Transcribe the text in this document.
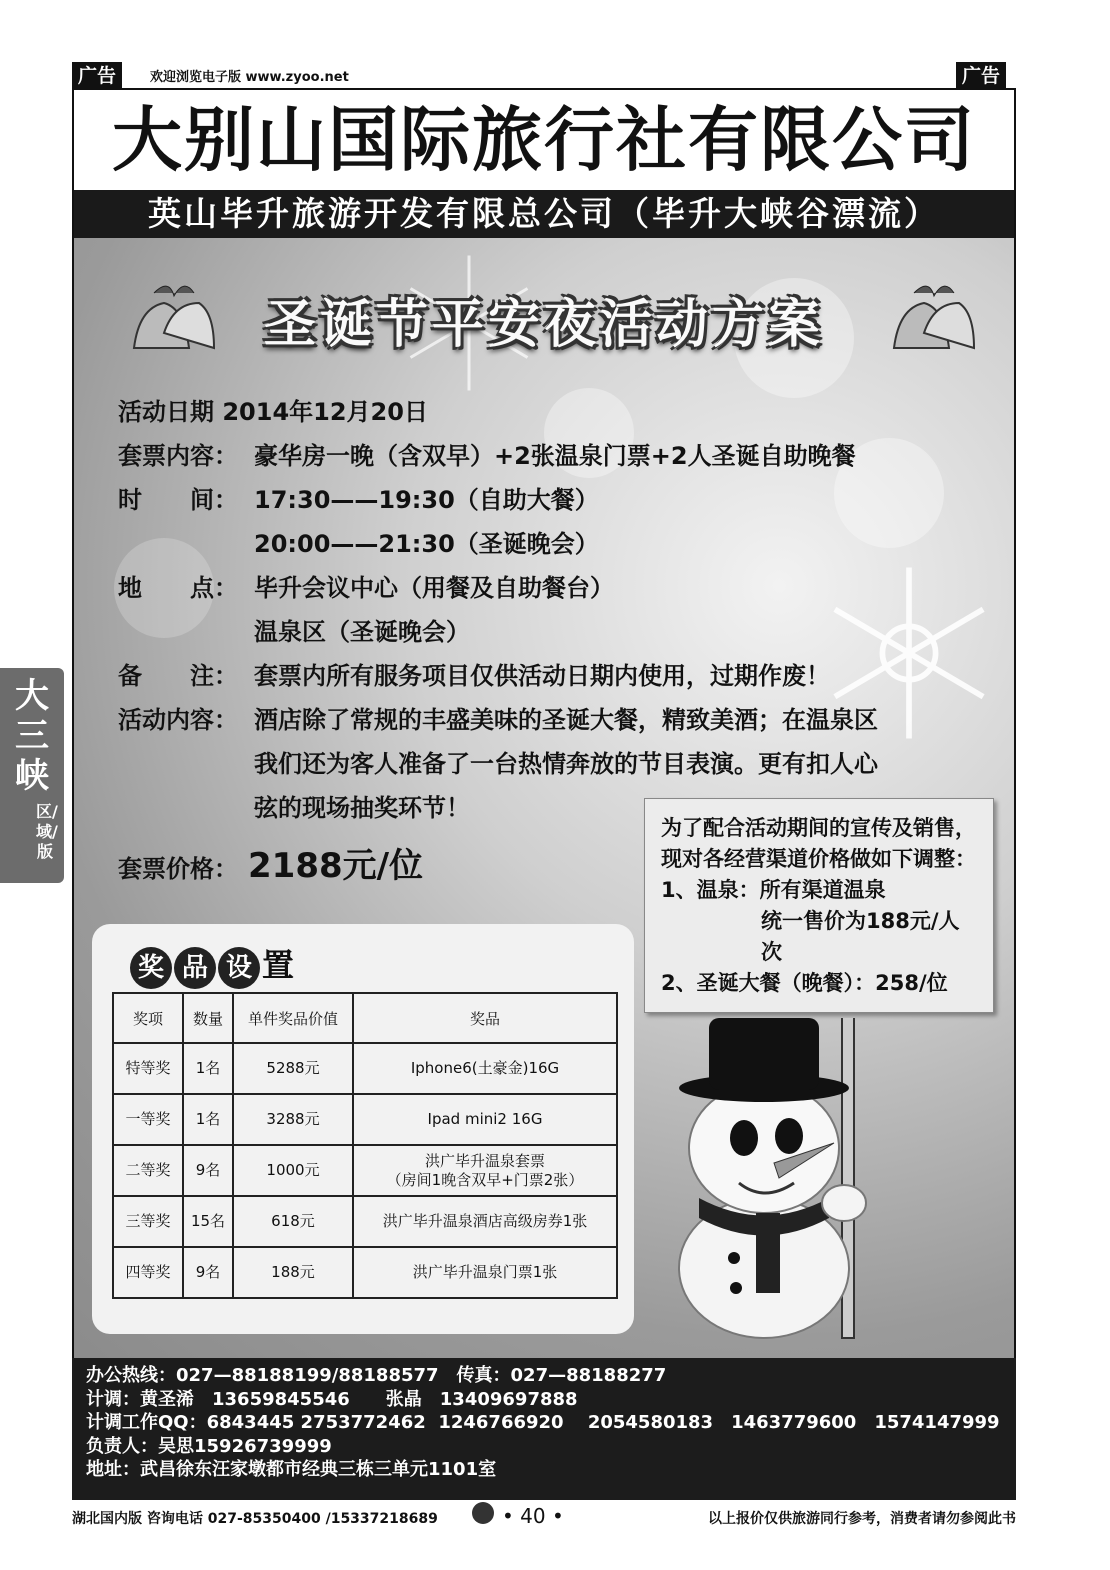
广告	欢迎浏览电子版 www.zyoo.net	广告
大别山国际旅行社有限公司
英山毕升旅游开发有限总公司（毕升大峡谷漂流）
圣诞节平安夜活动方案
活动日期 2014年12月20日
套票内容： 豪华房一晚（含双早）+2张温泉门票+2人圣诞自助晚餐
时　　间： 17:30——19:30（自助大餐）
20:00——21:30（圣诞晚会）
地　　点： 毕升会议中心（用餐及自助餐台）
温泉区（圣诞晚会）
备　　注： 套票内所有服务项目仅供活动日期内使用，过期作废！
活动内容： 酒店除了常规的丰盛美味的圣诞大餐，精致美酒；在温泉区
我们还为客人准备了一台热情奔放的节目表演。更有扣人心
弦的现场抽奖环节！
套票价格： 2188元/位
为了配合活动期间的宣传及销售，
现对各经营渠道价格做如下调整：
1、温泉：所有渠道温泉
统一售价为188元/人次
2、圣诞大餐（晚餐）：258/位
奖 品 设 置
奖项	数量	单件奖品价值	奖品
特等奖	1名	5288元	Iphone6(土豪金)16G
一等奖	1名	3288元	Ipad mini2 16G
二等奖	9名	1000元	洪广毕升温泉套票
（房间1晚含双早+门票2张）
三等奖	15名	618元	洪广毕升温泉酒店高级房券1张
四等奖	9名	188元	洪广毕升温泉门票1张
办公热线：027—88188199/88188577　传真：027—88188277
计调：黄圣浠　13659845546　　张晶　13409697888
计调工作QQ：6843445 2753772462  1246766920　 2054580183　1463779600　1574147999
负责人：吴思15926739999
地址：武昌徐东汪家墩都市经典三栋三单元1101室
大三峡
区/域/版
湖北国内版 咨询电话 027-85350400 /15337218689	• 40 •	以上报价仅供旅游同行参考，消费者请勿参阅此书
